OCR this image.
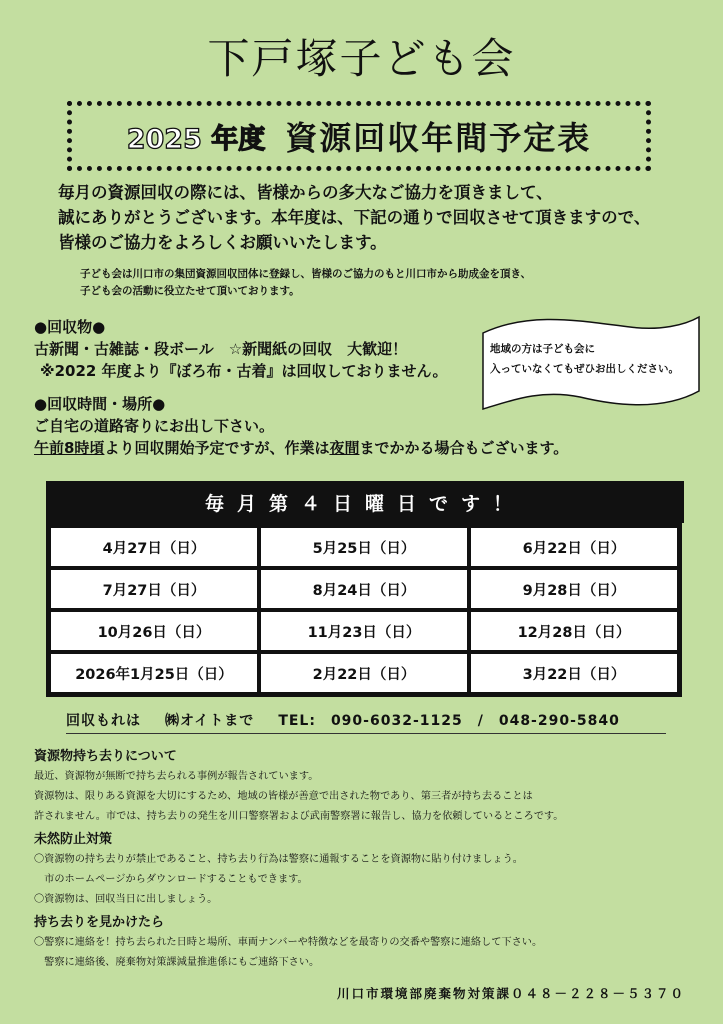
下戸塚子ども会
2025 年度 資源回収年間予定表
毎月の資源回収の際には、皆様からの多大なご協力を頂きまして、
誠にありがとうございます。本年度は、下記の通りで回収させて頂きますので、
皆様のご協力をよろしくお願いいたします。
子ども会は川口市の集団資源回収団体に登録し、皆様のご協力のもと川口市から助成金を頂き、
子ども会の活動に役立たせて頂いております。
●回収物●
古新聞・古雑誌・段ボール　☆新聞紙の回収　大歓迎！
※2022 年度より『ぼろ布・古着』は回収しておりません。
地域の方は子ども会に
入っていなくてもぜひお出しください。
●回収時間・場所●
ご自宅の道路寄りにお出し下さい。
午前8時頃より回収開始予定ですが、作業は夜間までかかる場合もございます。
毎月第４日曜日です！
4月27日（日）	5月25日（日）	6月22日（日）
7月27日（日）	8月24日（日）	9月28日（日）
10月26日（日）	11月23日（日）	12月28日（日）
2026年1月25日（日）	2月22日（日）	3月22日（日）
回収もれは ㈱オイトまで TEL:　090-6032-1125　/　048-290-5840
資源物持ち去りについて
最近、資源物が無断で持ち去られる事例が報告されています。
資源物は、限りある資源を大切にするため、地域の皆様が善意で出された物であり、第三者が持ち去ることは
許されません。市では、持ち去りの発生を川口警察署および武南警察署に報告し、協力を依頼しているところです。
未然防止対策
〇資源物の持ち去りが禁止であること、持ち去り行為は警察に通報することを資源物に貼り付けましょう。
　市のホームページからダウンロードすることもできます。
〇資源物は、回収当日に出しましょう。
持ち去りを見かけたら
〇警察に連絡を！持ち去られた日時と場所、車両ナンバーや特徴などを最寄りの交番や警察に連絡して下さい。
　警察に連絡後、廃棄物対策課減量推進係にもご連絡下さい。
川口市環境部廃棄物対策課０４８－２２８－５３７０
